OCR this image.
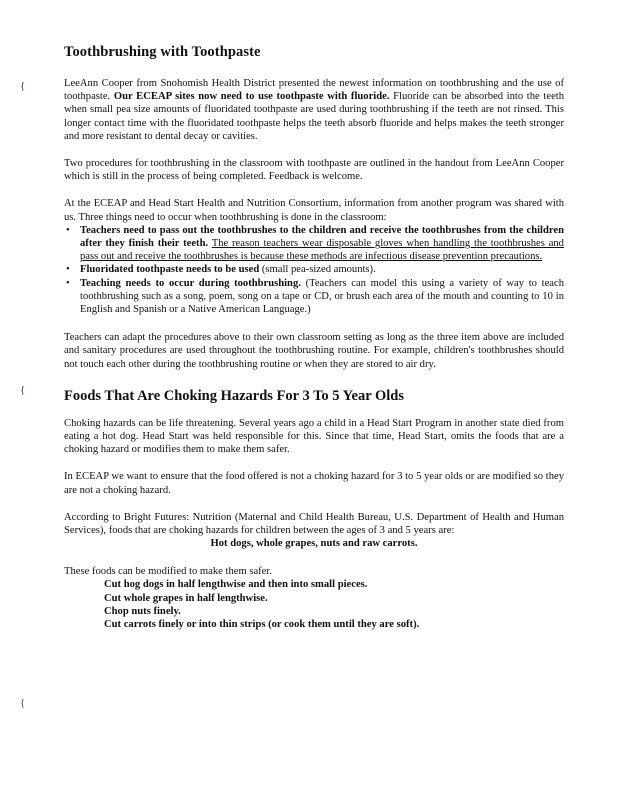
{
{
{
Toothbrushing with Toothpaste

LeeAnn Cooper from Snohomish Health District presented the newest information on toothbrushing and the use of toothpaste. Our ECEAP sites now need to use toothpaste with fluoride. Fluoride can be absorbed into the teeth when small pea size amounts of fluoridated toothpaste are used during toothbrushing if the teeth are not rinsed. This longer contact time with the fluoridated toothpaste helps the teeth absorb fluoride and helps makes the teeth stronger and more resistant to dental decay or cavities.

Two procedures for toothbrushing in the classroom with toothpaste are outlined in the handout from LeeAnn Cooper which is still in the process of being completed. Feedback is welcome.

At the ECEAP and Head Start Health and Nutrition Consortium, information from another program was shared with us. Three things need to occur when toothbrushing is done in the classroom:

• Teachers need to pass out the toothbrushes to the children and receive the toothbrushes from the children after they finish their teeth. The reason teachers wear disposable gloves when handling the toothbrushes and pass out and receive the toothbrushes is because these methods are infectious disease prevention precautions.
• Fluoridated toothpaste needs to be used (small pea-sized amounts).
• Teaching needs to occur during toothbrushing. (Teachers can model this using a variety of way to teach toothbrushing such as a song, poem, song on a tape or CD, or brush each area of the mouth and counting to 10 in English and Spanish or a Native American Language.)

Teachers can adapt the procedures above to their own classroom setting as long as the three item above are included and sanitary procedures are used throughout the toothbrushing routine. For example, children's toothbrushes should not touch each other during the toothbrushing routine or when they are stored to air dry.

Foods That Are Choking Hazards For 3 To 5 Year Olds

Choking hazards can be life threatening. Several years ago a child in a Head Start Program in another state died from eating a hot dog. Head Start was held responsible for this. Since that time, Head Start, omits the foods that are a choking hazard or modifies them to make them safer.

In ECEAP we want to ensure that the food offered is not a choking hazard for 3 to 5 year olds or are modified so they are not a choking hazard.

According to Bright Futures: Nutrition (Maternal and Child Health Bureau, U.S. Department of Health and Human Services), foods that are choking hazards for children between the ages of 3 and 5 years are:

Hot dogs, whole grapes, nuts and raw carrots.

These foods can be modified to make them safer.

Cut hog dogs in half lengthwise and then into small pieces.
Cut whole grapes in half lengthwise.
Chop nuts finely.
Cut carrots finely or into thin strips (or cook them until they are soft).
